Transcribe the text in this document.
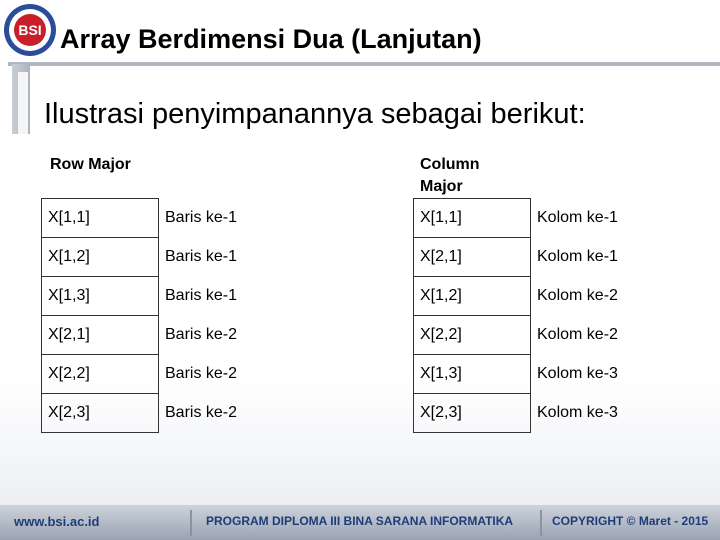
BSI Array Berdimensi Dua (Lanjutan)
Ilustrasi penyimpanannya sebagai berikut:
Row Major	Column
Major
X[1,1]	Baris ke-1
X[1,2]	Baris ke-1
X[1,3]	Baris ke-1
X[2,1]	Baris ke-2
X[2,2]	Baris ke-2
X[2,3]	Baris ke-2
X[1,1]	Kolom ke-1
X[2,1]	Kolom ke-1
X[1,2]	Kolom ke-2
X[2,2]	Kolom ke-2
X[1,3]	Kolom ke-3
X[2,3]	Kolom ke-3
www.bsi.ac.id	PROGRAM DIPLOMA III BINA SARANA INFORMATIKA	COPYRIGHT © Maret - 2015
